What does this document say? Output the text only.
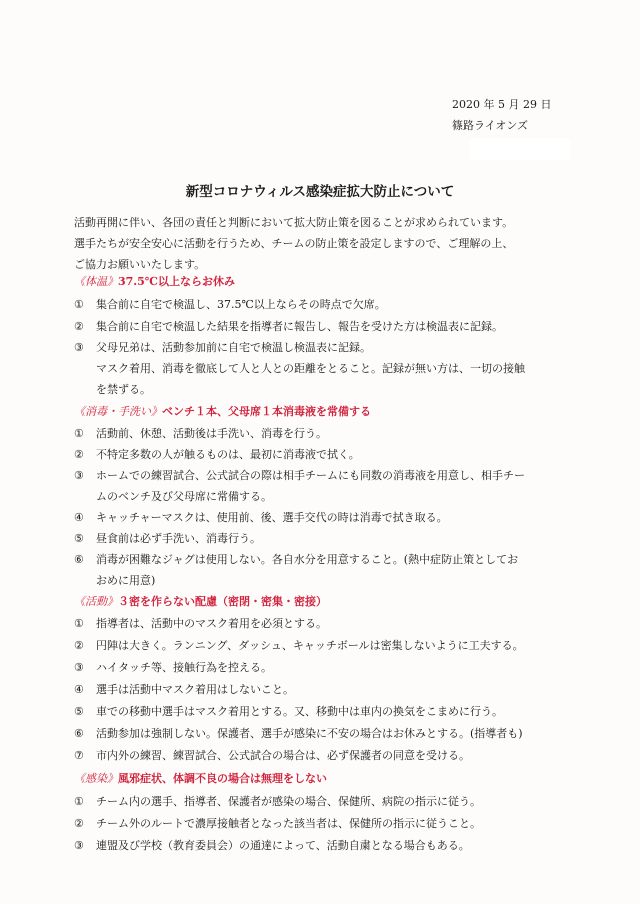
2020 年 5 月 29 日
篠路ライオンズ
新型コロナウィルス感染症拡大防止について

活動再開に伴い、各団の責任と判断において拡大防止策を図ることが求められています。

選手たちが安全安心に活動を行うため、チームの防止策を設定しますので、ご理解の上、

ご協力お願いいたします。

《体温》37.5℃以上ならお休み
① 集合前に自宅で検温し、37.5℃以上ならその時点で欠席。
② 集合前に自宅で検温した結果を指導者に報告し、報告を受けた方は検温表に記録。
③ 父母兄弟は、活動参加前に自宅で検温し検温表に記録。
マスク着用、消毒を徹底して人と人との距離をとること。記録が無い方は、一切の接触
を禁ずる。
《消毒・手洗い》ベンチ１本、父母席１本消毒液を常備する
① 活動前、休憩、活動後は手洗い、消毒を行う。
② 不特定多数の人が触るものは、最初に消毒液で拭く。
③ ホームでの練習試合、公式試合の際は相手チームにも同数の消毒液を用意し、相手チー
ムのベンチ及び父母席に常備する。
④ キャッチャーマスクは、使用前、後、選手交代の時は消毒で拭き取る。
⑤ 昼食前は必ず手洗い、消毒行う。
⑥ 消毒が困難なジャグは使用しない。各自水分を用意すること。(熱中症防止策としてお
おめに用意)
《活動》３密を作らない配慮（密閉・密集・密接）
① 指導者は、活動中のマスク着用を必須とする。
② 円陣は大きく。ランニング、ダッシュ、キャッチボールは密集しないように工夫する。
③ ハイタッチ等、接触行為を控える。
④ 選手は活動中マスク着用はしないこと。
⑤ 車での移動中選手はマスク着用とする。又、移動中は車内の換気をこまめに行う。
⑥ 活動参加は強制しない。保護者、選手が感染に不安の場合はお休みとする。(指導者も)
⑦ 市内外の練習、練習試合、公式試合の場合は、必ず保護者の同意を受ける。
《感染》風邪症状、体調不良の場合は無理をしない
① チーム内の選手、指導者、保護者が感染の場合、保健所、病院の指示に従う。
② チーム外のルートで濃厚接触者となった該当者は、保健所の指示に従うこと。
③ 連盟及び学校（教育委員会）の通達によって、活動自粛となる場合もある。
